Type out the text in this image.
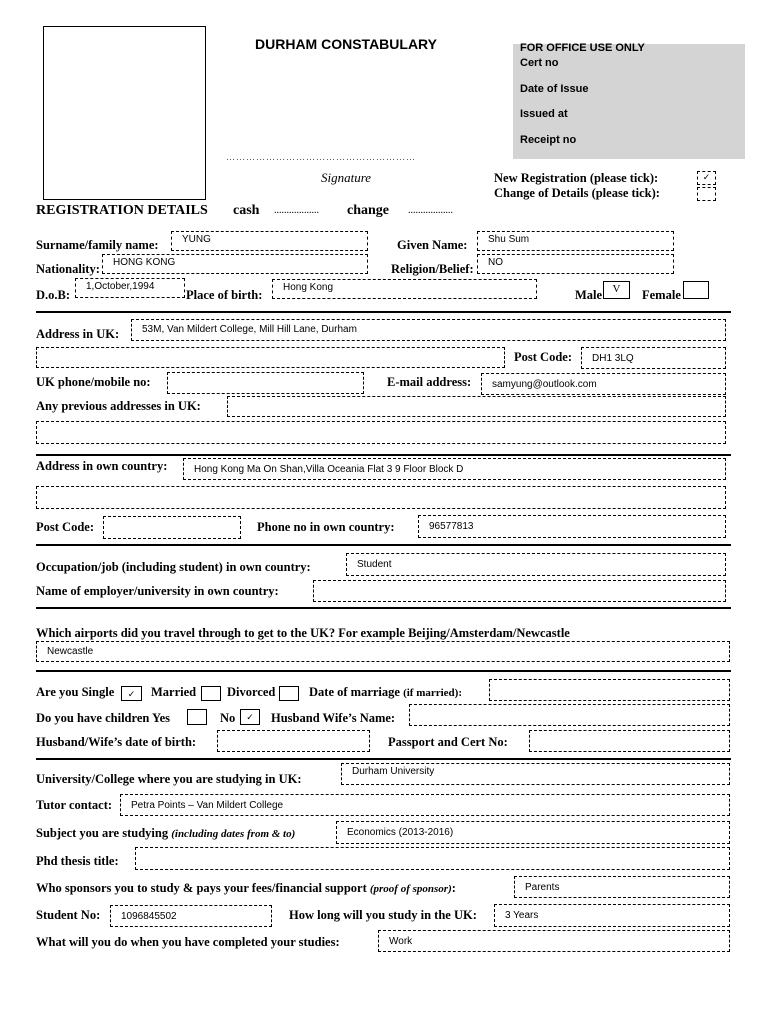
DURHAM CONSTABULARY	FOR OFFICE USE ONLY
Cert no
Date of Issue
Issued at
Receipt no
…………………………………………………
Signature	New Registration (please tick):	✓
Change of Details (please tick):
REGISTRATION DETAILS cash .................. change ..................
Surname/family name:	YUNG	Given Name:	Shu Sum
Nationality:	HONG KONG	Religion/Belief:	NO
D.o.B:
1,October,1994
Place of birth:
Hong Kong
Male V	Female
Address in UK:	53M, Van Mildert College, Mill Hill Lane, Durham
Post Code:	DH1 3LQ
UK phone/mobile no:	E-mail address:	samyung@outlook.com
Any previous addresses in UK:
Address in own country:	Hong Kong Ma On Shan,Villa Oceania Flat 3 9 Floor Block D
Post Code:	Phone no in own country:	96577813
Occupation/job (including student) in own country:	Student
Name of employer/university in own country:
Which airports did you travel through to get to the UK? For example Beijing/Amsterdam/Newcastle
Newcastle
Are you Single	✓	Married Divorced	Date of marriage (if married):
Do you have children Yes	No	✓	Husband Wife’s Name:
Husband/Wife’s date of birth:	Passport and Cert No:
University/College where you are studying in UK:
Durham University
Tutor contact:	Petra Points – Van Mildert College
Subject you are studying (including dates from & to)	Economics (2013-2016)
Phd thesis title:
Who sponsors you to study & pays your fees/financial support (proof of sponsor):	Parents
Student No:	1096845502	How long will you study in the UK:	3 Years
What will you do when you have completed your studies:	Work
